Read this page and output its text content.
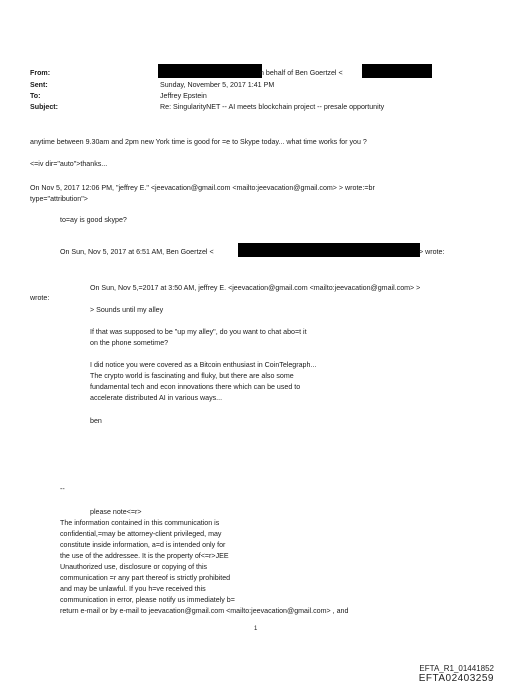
From:	n behalf of Ben Goertzel <
Sent:	Sunday, November 5, 2017 1:41 PM
To:	Jeffrey Epstein
Subject:	Re: SingularityNET -- AI meets blockchain project -- presale opportunity
anytime between 9.30am and 2pm new York time is good for =e to Skype today... what time works for you ?
<=iv dir="auto">thanks...
On Nov 5, 2017 12:06 PM, "jeffrey E." <jeevacation@gmail.com <mailto:jeevacation@gmail.com> > wrote:=br
type="attribution">
to=ay is good skype?
On Sun, Nov 5, 2017 at 6:51 AM, Ben Goertzel <	> wrote:
On Sun, Nov 5,=2017 at 3:50 AM, jeffrey E. <jeevacation@gmail.com <mailto:jeevacation@gmail.com> >
wrote:
> Sounds until my alley
If that was supposed to be "up my alley", do you want to chat abo=t it
on the phone sometime?
I did notice you were covered as a Bitcoin enthusiast in CoinTelegraph...
The crypto world is fascinating and fluky, but there are also some
fundamental tech and econ innovations there which can be used to
accelerate distributed AI in various ways...
ben
--
please note<=r>
The information contained in this communication is
confidential,=may be attorney-client privileged, may
constitute inside information, a=d is intended only for
the use of the addressee. It is the property of<=r>JEE
Unauthorized use, disclosure or copying of this
communication =r any part thereof is strictly prohibited
and may be unlawful. If you h=ve received this
communication in error, please notify us immediately b=
return e-mail or by e-mail to jeevacation@gmail.com <mailto:jeevacation@gmail.com> , and
1
EFTA_R1_01441852
EFTA02403259
